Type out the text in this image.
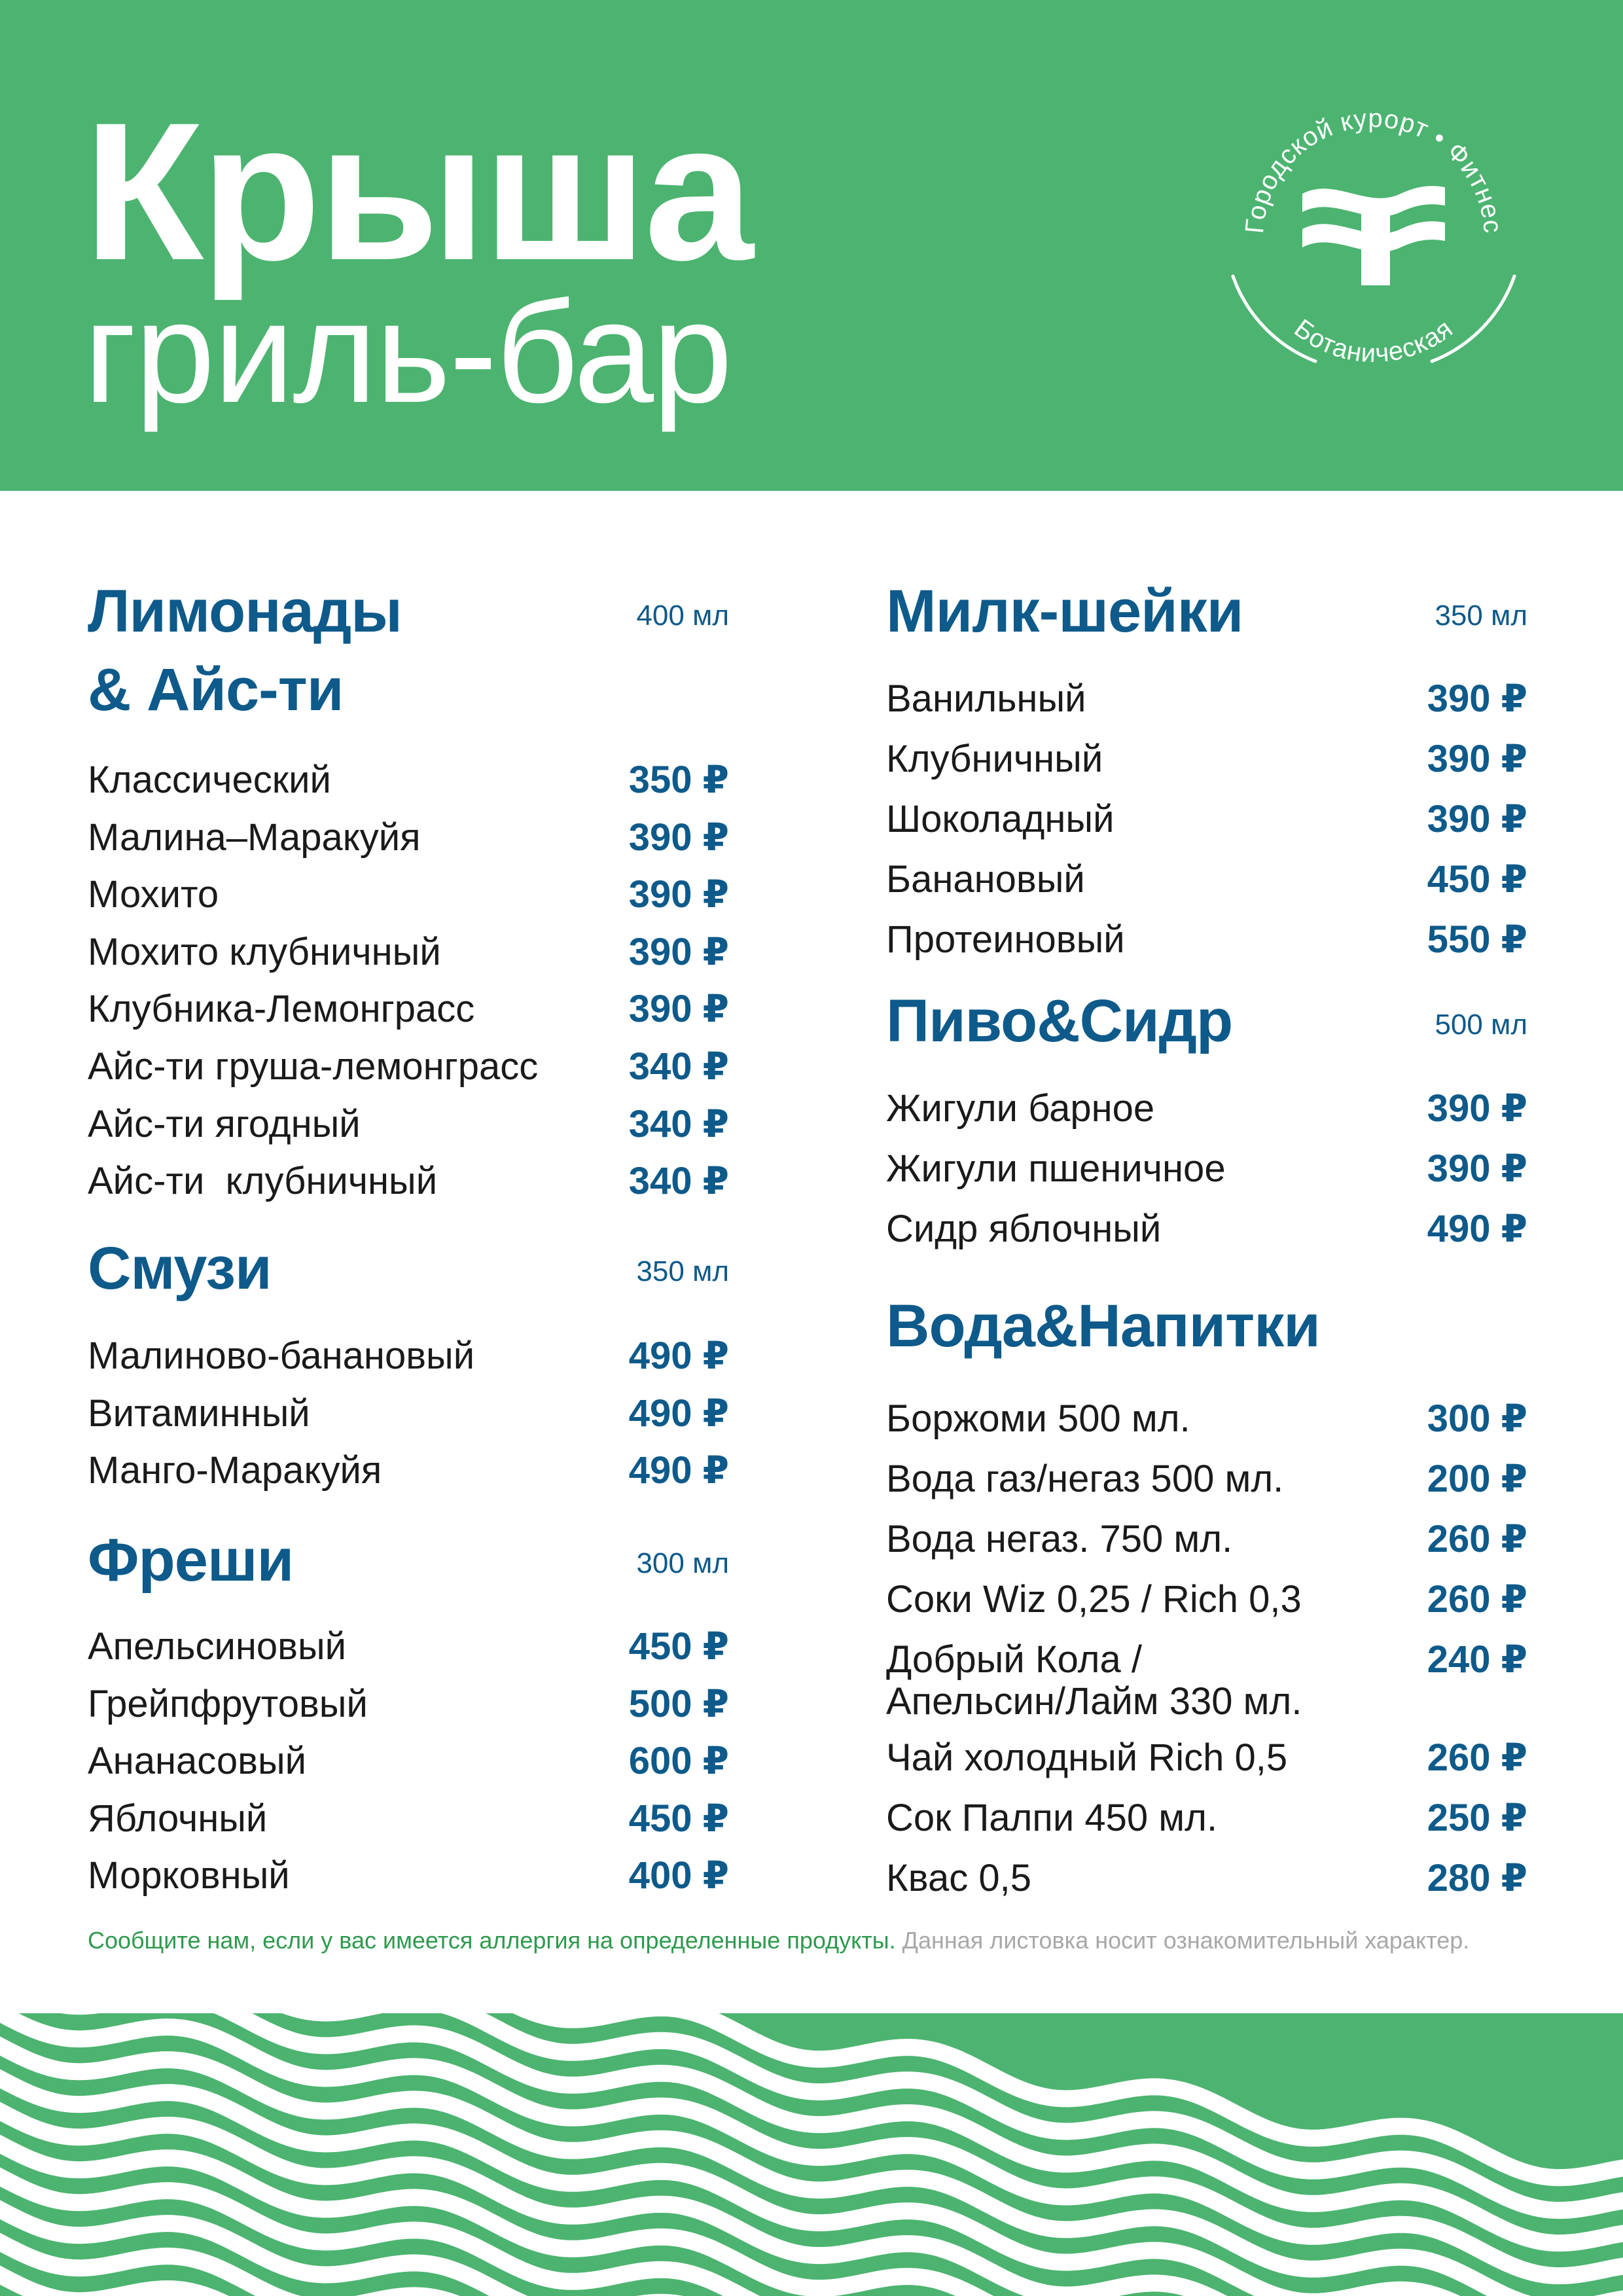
Крыша
гриль-бар
Городской курорт • Фитнес
Ботаническая
Лимонады
& Айс-ти
400 мл
Классический	350 ₽
Малина–Маракуйя	390 ₽
Мохито	390 ₽
Мохито клубничный	390 ₽
Клубника-Лемонграсс	390 ₽
Айс-ти груша-лемонграсс 340 ₽
Айс-ти ягодный	340 ₽
Айс-ти  клубничный	340 ₽
Смузи	350 мл
Малиново-банановый	490 ₽
Витаминный	490 ₽
Манго-Маракуйя	490 ₽
Фреши	300 мл
Апельсиновый	450 ₽
Грейпфрутовый	500 ₽
Ананасовый	600 ₽
Яблочный	450 ₽
Морковный	400 ₽
Милк-шейки	350 мл
Ванильный	390 ₽
Клубничный	390 ₽
Шоколадный	390 ₽
Банановый	450 ₽
Протеиновый	550 ₽
Пиво&Сидр	500 мл
Жигули барное	390 ₽
Жигули пшеничное	390 ₽
Сидр яблочный	490 ₽
Вода&Напитки
Боржоми 500 мл.	300 ₽
Вода газ/негаз 500 мл.	200 ₽
Вода негаз. 750 мл.	260 ₽
Соки Wiz 0,25 / Rich 0,3	260 ₽
Добрый Кола /
Апельсин/Лайм 330 мл.
240 ₽
Чай холодный Rich 0,5	260 ₽
Сок Палпи 450 мл.	250 ₽
Квас 0,5	280 ₽
Сообщите нам, если у вас имеется аллергия на определенные продукты. Данная листовка носит ознакомительный характер.
